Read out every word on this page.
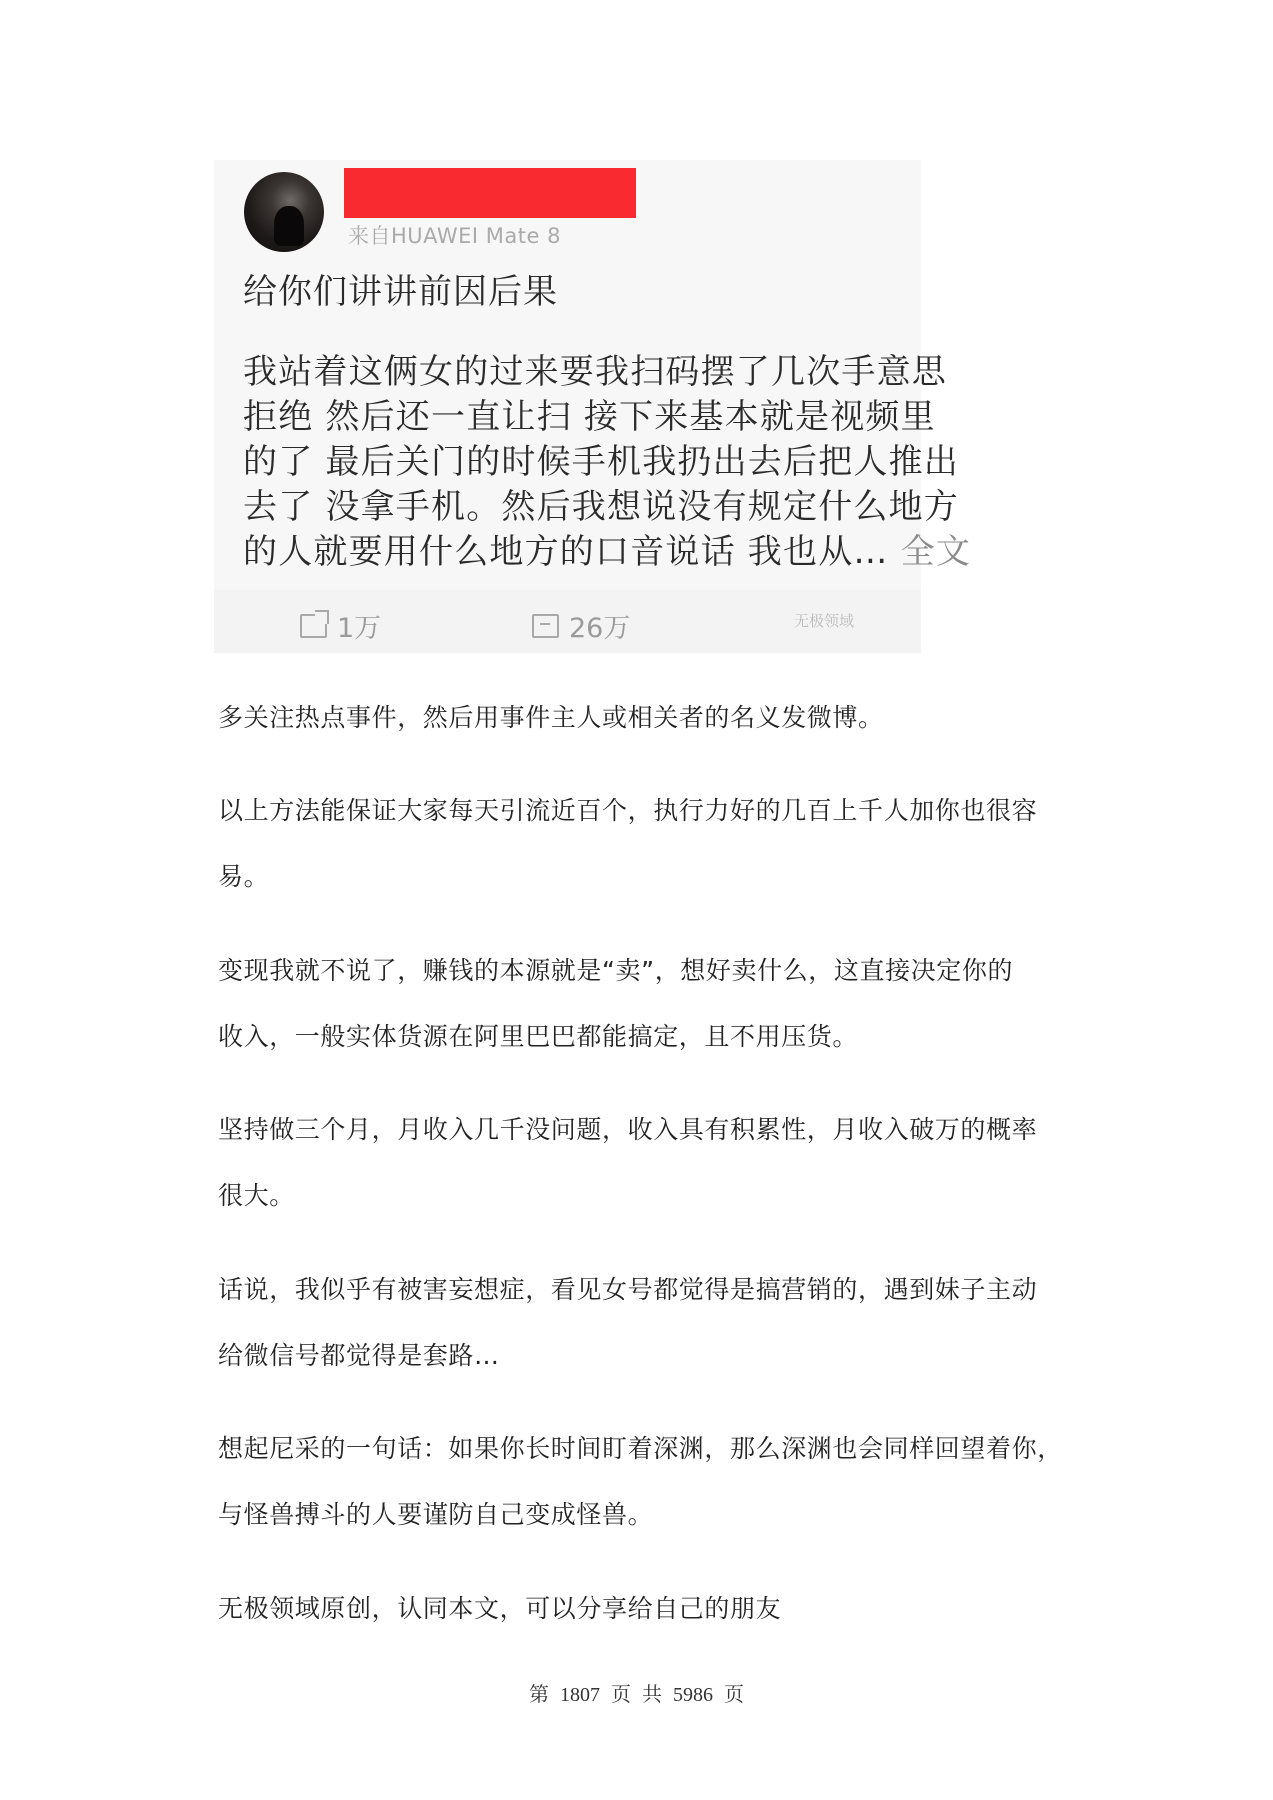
来自HUAWEI Mate 8
给你们讲讲前因后果
我站着这俩女的过来要我扫码摆了几次手意思
拒绝 然后还一直让扫 接下来基本就是视频里
的了 最后关门的时候手机我扔出去后把人推出
去了 没拿手机。然后我想说没有规定什么地方
的人就要用什么地方的口音说话 我也从… 全文
1万	26万	无极领域
多关注热点事件，然后用事件主人或相关者的名义发微博。
以上方法能保证大家每天引流近百个，执行力好的几百上千人加你也很容
易。
变现我就不说了，赚钱的本源就是“卖”，想好卖什么，这直接决定你的
收入，一般实体货源在阿里巴巴都能搞定，且不用压货。
坚持做三个月，月收入几千没问题，收入具有积累性，月收入破万的概率
很大。
话说，我似乎有被害妄想症，看见女号都觉得是搞营销的，遇到妹子主动
给微信号都觉得是套路…
想起尼采的一句话：如果你长时间盯着深渊，那么深渊也会同样回望着你，
与怪兽搏斗的人要谨防自己变成怪兽。
无极领域原创，认同本文，可以分享给自己的朋友
第 1807 页 共 5986 页
